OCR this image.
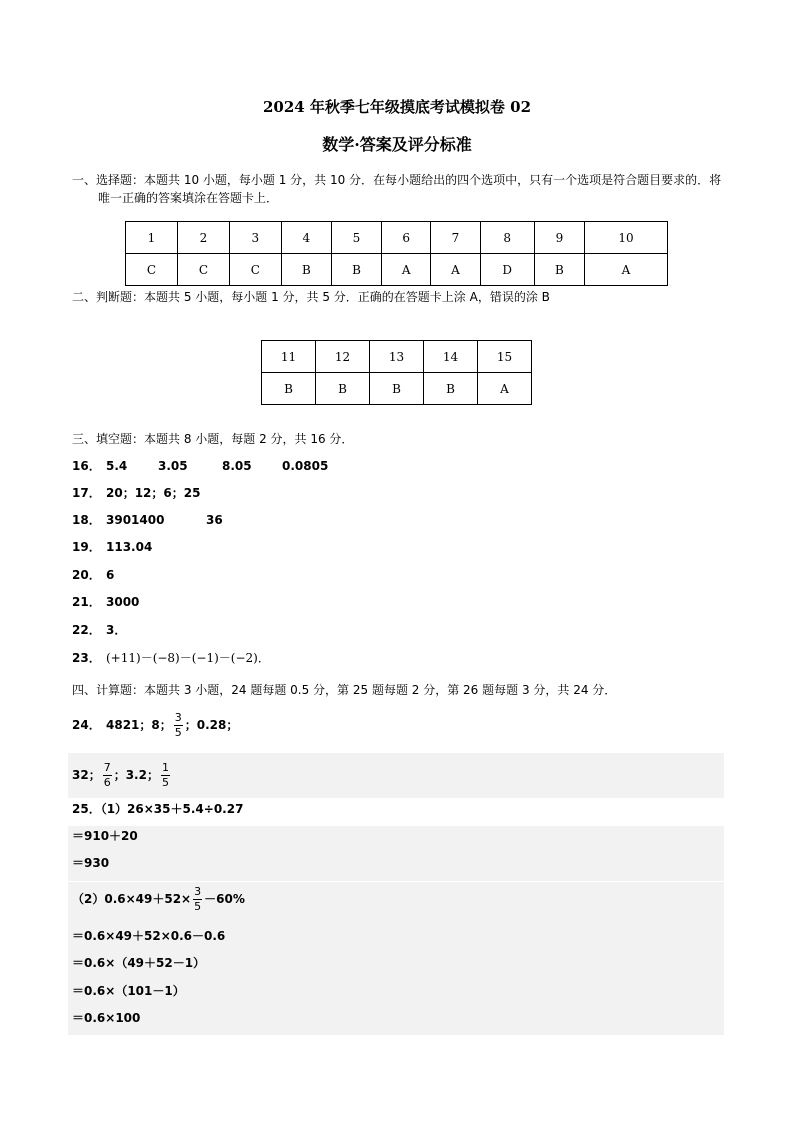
2024 年秋季七年级摸底考试模拟卷 02
数学·答案及评分标准
一、选择题：本题共 10 小题，每小题 1 分，共 10 分．在每小题给出的四个选项中，只有一个选项是符合题目要求的．将唯一正确的答案填涂在答题卡上．
1	2	3	4	5	6	7	8	9	10
C	C	C	B	B	A	A	D	B	A
二、判断题：本题共 5 小题，每小题 1 分，共 5 分．正确的在答题卡上涂 A，错误的涂 B
11	12	13	14	15
B	B	B	B	A
三、填空题：本题共 8 小题，每题 2 分，共 16 分．
16． 5.4	3.05	8.05	0.0805
17． 20；12；6；25
18． 3901400	36
19． 113.04
20． 6
21． 3000
22． 3．
23． (+11)－(−8)－(−1)－(−2)．
四、计算题：本题共 3 小题，24 题每题 0.5 分，第 25 题每题 2 分，第 26 题每题 3 分，共 24 分．
24． 4821；8； $\frac{3}{5}$ ；0.28；
32； $\frac{7}{6}$ ；3.2； $\frac{1}{5}$
25．（1）26×35＋5.4÷0.27
＝910＋20
＝930
$(2)0.6\times 49+52\times \frac{3}{5} -60\%$
＝0.6×49＋52×0.6－0.6
＝0.6×（49＋52－1）
＝0.6×（101－1）
＝0.6×100
